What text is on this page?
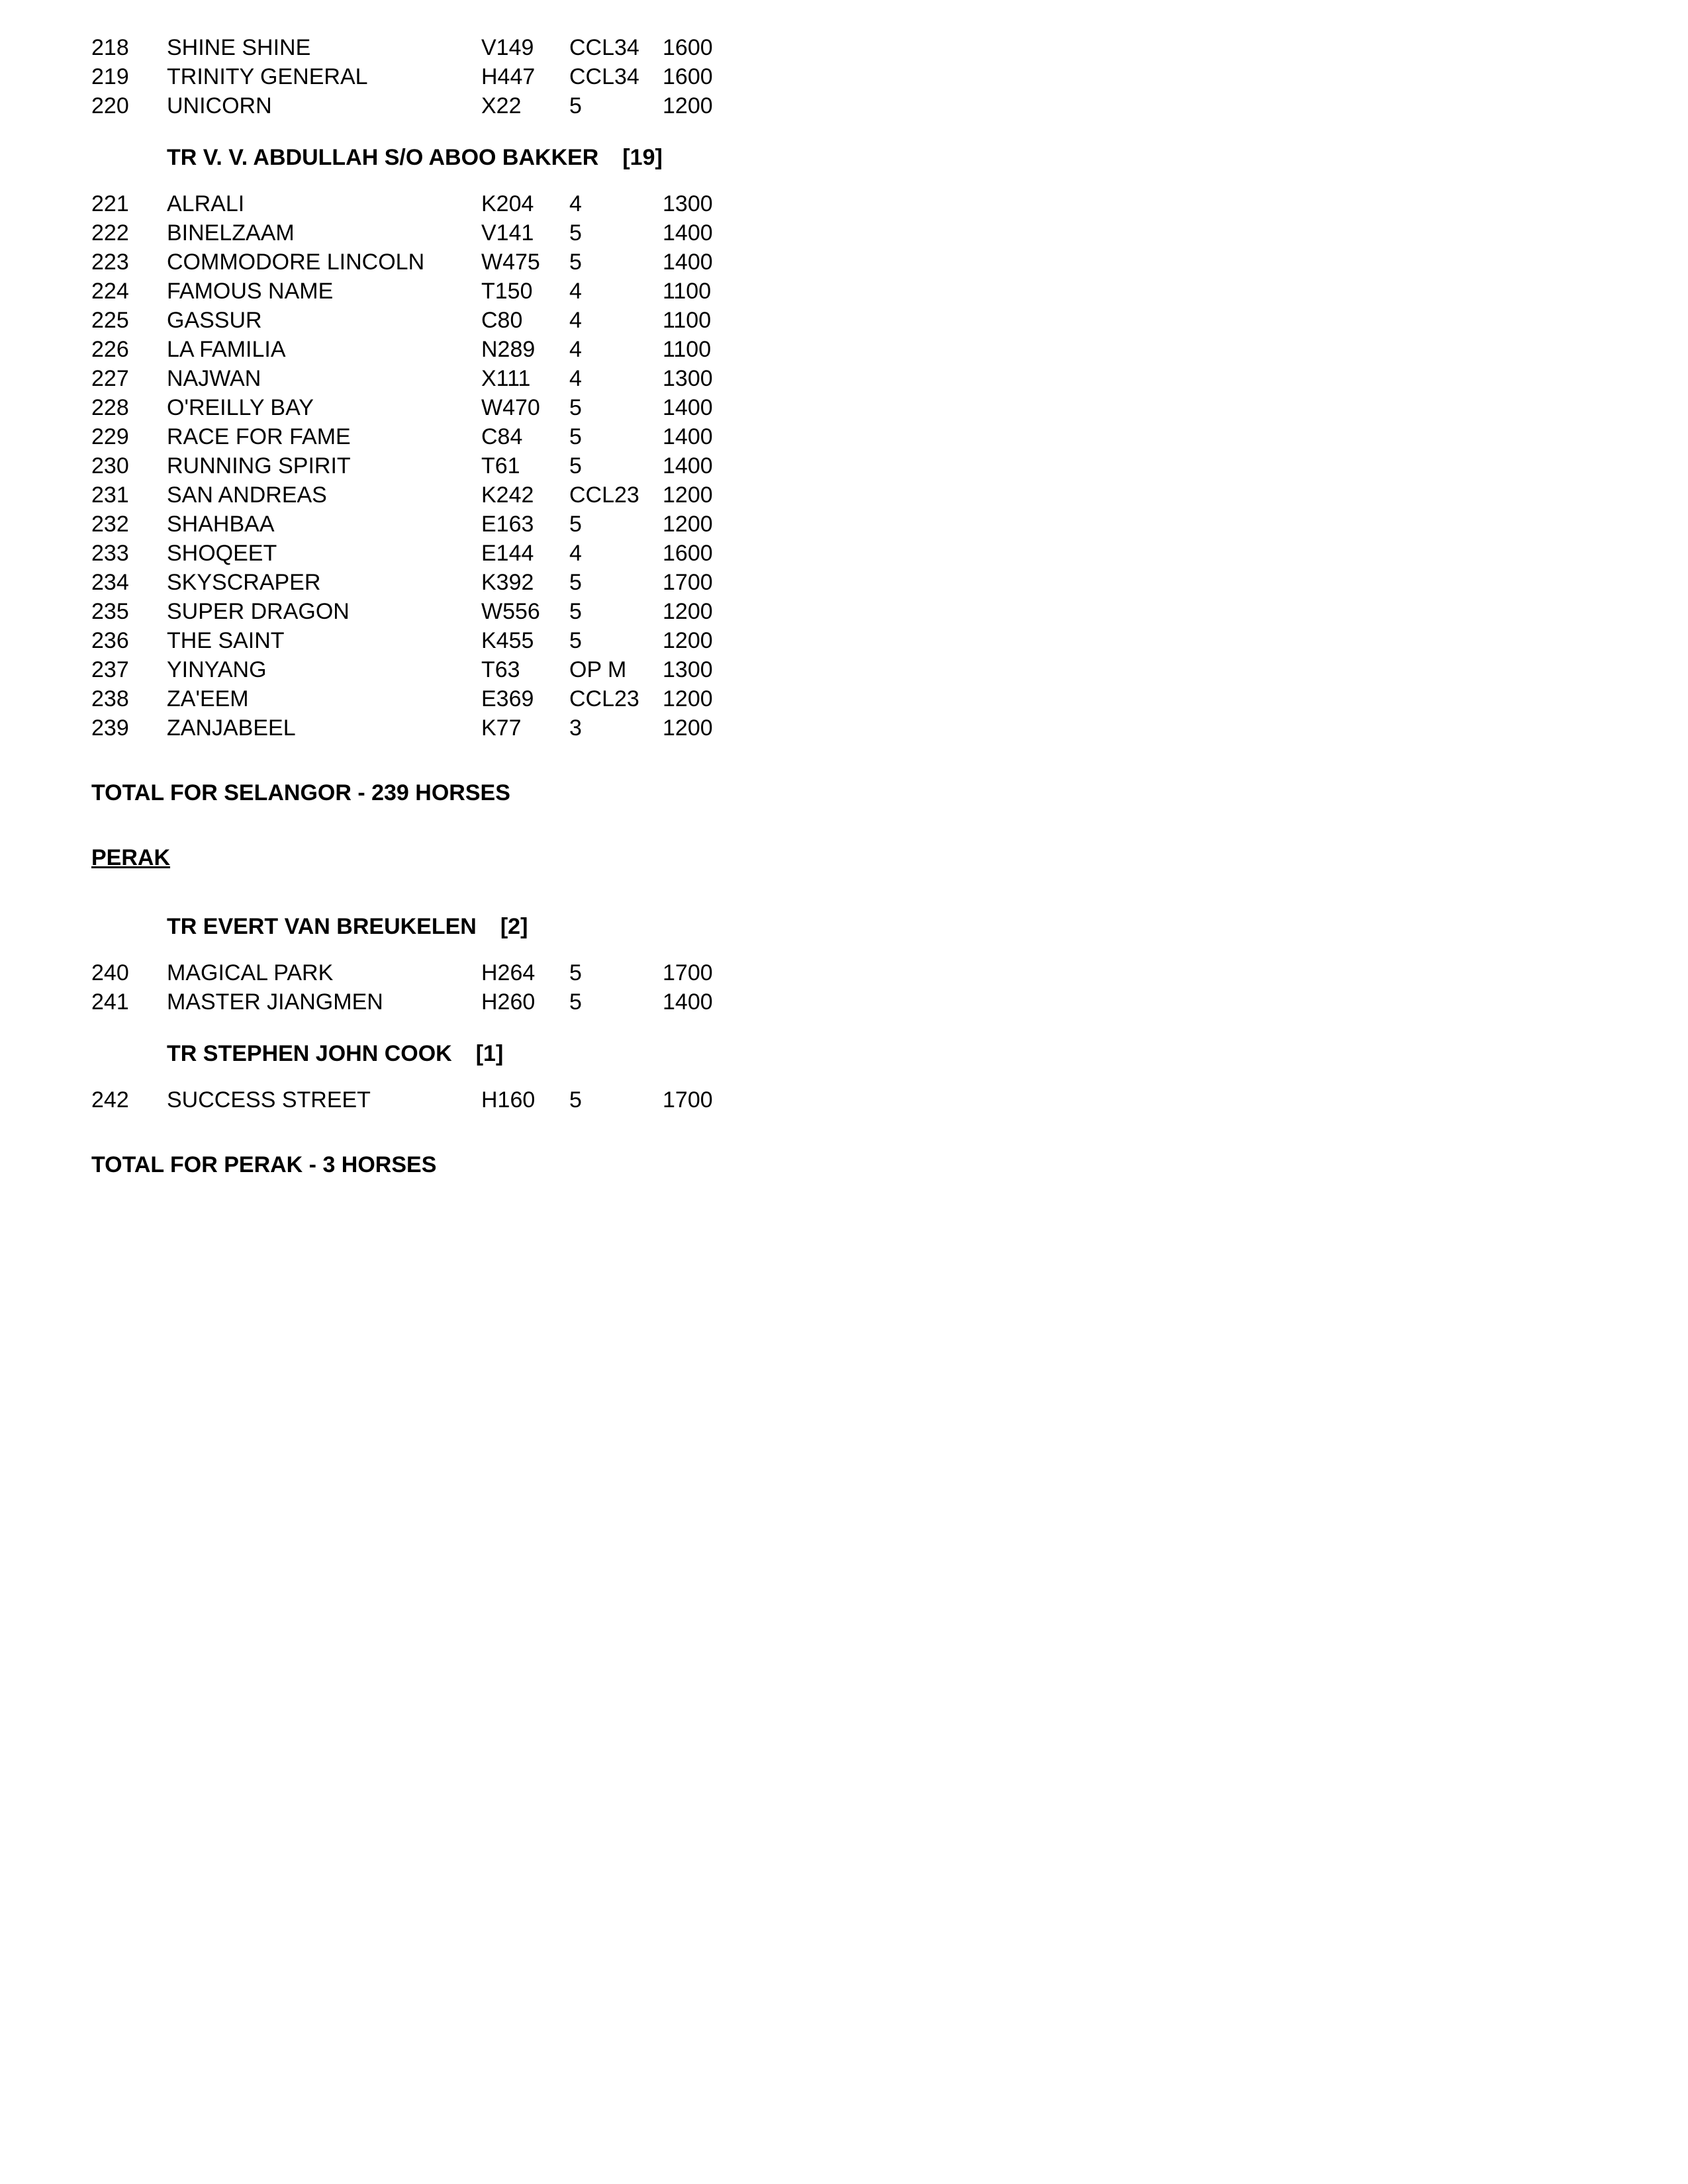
218 SHINE SHINE	V149 CCL34 1600
219 TRINITY GENERAL	H447 CCL34 1600
220 UNICORN	X22 5	1200
TR V. V. ABDULLAH S/O ABOO BAKKER [19]
221 ALRALI	K204 4	1300
222 BINELZAAM	V141 5	1400
223 COMMODORE LINCOLN	W475 5	1400
224 FAMOUS NAME	T150 4	1100
225 GASSUR	C80 4	1100
226 LA FAMILIA	N289 4	1100
227 NAJWAN	X111 4	1300
228 O'REILLY BAY	W470 5	1400
229 RACE FOR FAME	C84 5	1400
230 RUNNING SPIRIT	T61 5	1400
231 SAN ANDREAS	K242 CCL23 1200
232 SHAHBAA	E163 5	1200
233 SHOQEET	E144 4	1600
234 SKYSCRAPER	K392 5	1700
235 SUPER DRAGON	W556 5	1200
236 THE SAINT	K455 5	1200
237 YINYANG	T63 OP M 1300
238 ZA'EEM	E369 CCL23 1200
239 ZANJABEEL	K77 3	1200
TOTAL FOR SELANGOR - 239 HORSES
PERAK
TR EVERT VAN BREUKELEN [2]
240 MAGICAL PARK	H264 5	1700
241 MASTER JIANGMEN	H260 5	1400
TR STEPHEN JOHN COOK [1]
242 SUCCESS STREET	H160 5	1700
TOTAL FOR PERAK - 3 HORSES
